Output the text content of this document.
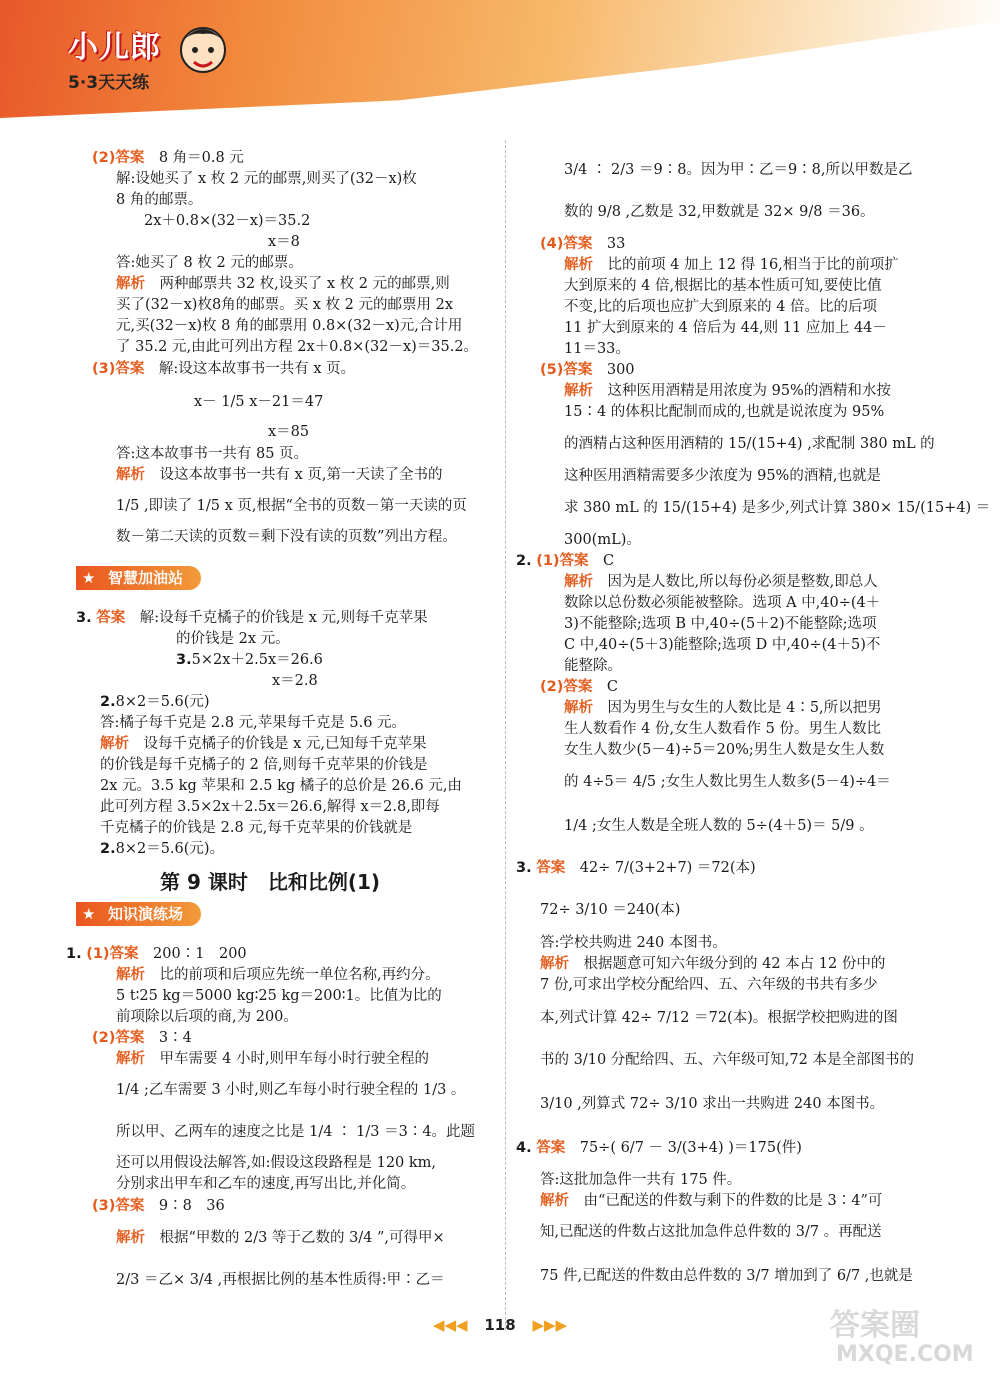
小儿郎
5·3天天练
(2)答案　8 角＝0.8 元
解:设她买了 x 枚 2 元的邮票,则买了(32－x)枚
8 角的邮票。
2x＋0.8×(32－x)＝35.2
x＝8
答:她买了 8 枚 2 元的邮票。
解析　两种邮票共 32 枚,设买了 x 枚 2 元的邮票,则
买了(32－x)枚8角的邮票。买 x 枚 2 元的邮票用 2x
元,买(32－x)枚 8 角的邮票用 0.8×(32－x)元,合计用
了 35.2 元,由此可列出方程 2x＋0.8×(32－x)＝35.2。
(3)答案　解:设这本故事书一共有 x 页。
x－ 1/5 x－21＝47
x＝85
答:这本故事书一共有 85 页。
解析　设这本故事书一共有 x 页,第一天读了全书的
1/5 ,即读了 1/5 x 页,根据“全书的页数－第一天读的页
数－第二天读的页数＝剩下没有读的页数”列出方程。
★ 智慧加油站
3. 答案　解:设每千克橘子的价钱是 x 元,则每千克苹果
的价钱是 2x 元。
3.5×2x＋2.5x＝26.6
x＝2.8
2.8×2＝5.6(元)
答:橘子每千克是 2.8 元,苹果每千克是 5.6 元。
解析　设每千克橘子的价钱是 x 元,已知每千克苹果
的价钱是每千克橘子的 2 倍,则每千克苹果的价钱是
2x 元。3.5 kg 苹果和 2.5 kg 橘子的总价是 26.6 元,由
此可列方程 3.5×2x＋2.5x＝26.6,解得 x＝2.8,即每
千克橘子的价钱是 2.8 元,每千克苹果的价钱就是
2.8×2＝5.6(元)。
第 9 课时　比和比例(1)
★ 知识演练场
1. (1)答案　200∶1　200
解析　比的前项和后项应先统一单位名称,再约分。
5 t∶25 kg＝5000 kg∶25 kg＝200∶1。比值为比的
前项除以后项的商,为 200。
(2)答案　3∶4
解析　甲车需要 4 小时,则甲车每小时行驶全程的
1/4 ;乙车需要 3 小时,则乙车每小时行驶全程的 1/3 。
所以甲、乙两车的速度之比是 1/4 ∶ 1/3 ＝3∶4。此题
还可以用假设法解答,如:假设这段路程是 120 km,
分别求出甲车和乙车的速度,再写出比,并化简。
(3)答案　9∶8　36
解析　根据“甲数的 2/3 等于乙数的 3/4 ”,可得甲×
2/3 ＝乙× 3/4 ,再根据比例的基本性质得:甲∶乙＝
3/4 ∶ 2/3 ＝9∶8。因为甲∶乙＝9∶8,所以甲数是乙
数的 9/8 ,乙数是 32,甲数就是 32× 9/8 ＝36。
(4)答案　33
解析　比的前项 4 加上 12 得 16,相当于比的前项扩
大到原来的 4 倍,根据比的基本性质可知,要使比值
不变,比的后项也应扩大到原来的 4 倍。比的后项
11 扩大到原来的 4 倍后为 44,则 11 应加上 44－
11＝33。
(5)答案　300
解析　这种医用酒精是用浓度为 95%的酒精和水按
15∶4 的体积比配制而成的,也就是说浓度为 95%
的酒精占这种医用酒精的 15/(15+4) ,求配制 380 mL 的
这种医用酒精需要多少浓度为 95%的酒精,也就是
求 380 mL 的 15/(15+4) 是多少,列式计算 380× 15/(15+4) ＝
300(mL)。
2. (1)答案　C
解析　因为是人数比,所以每份必须是整数,即总人
数除以总份数必须能被整除。选项 A 中,40÷(4＋
3)不能整除;选项 B 中,40÷(5＋2)不能整除;选项
C 中,40÷(5＋3)能整除;选项 D 中,40÷(4＋5)不
能整除。
(2)答案　C
解析　因为男生与女生的人数比是 4∶5,所以把男
生人数看作 4 份,女生人数看作 5 份。男生人数比
女生人数少(5－4)÷5＝20%;男生人数是女生人数
的 4÷5＝ 4/5 ;女生人数比男生人数多(5－4)÷4＝
1/4 ;女生人数是全班人数的 5÷(4＋5)＝ 5/9 。
3. 答案　42÷ 7/(3+2+7) ＝72(本)
72÷ 3/10 ＝240(本)
答:学校共购进 240 本图书。
解析　根据题意可知六年级分到的 42 本占 12 份中的
7 份,可求出学校分配给四、五、六年级的书共有多少
本,列式计算 42÷ 7/12 ＝72(本)。根据学校把购进的图
书的 3/10 分配给四、五、六年级可知,72 本是全部图书的
3/10 ,列算式 72÷ 3/10 求出一共购进 240 本图书。
4. 答案　75÷( 6/7 － 3/(3+4) )＝175(件)
答:这批加急件一共有 175 件。
解析　由“已配送的件数与剩下的件数的比是 3∶4”可
知,已配送的件数占这批加急件总件数的 3/7 。再配送
75 件,已配送的件数由总件数的 3/7 增加到了 6/7 ,也就是
◀◀◀ 118 ▶▶▶	答案圈
MXQE.COM
